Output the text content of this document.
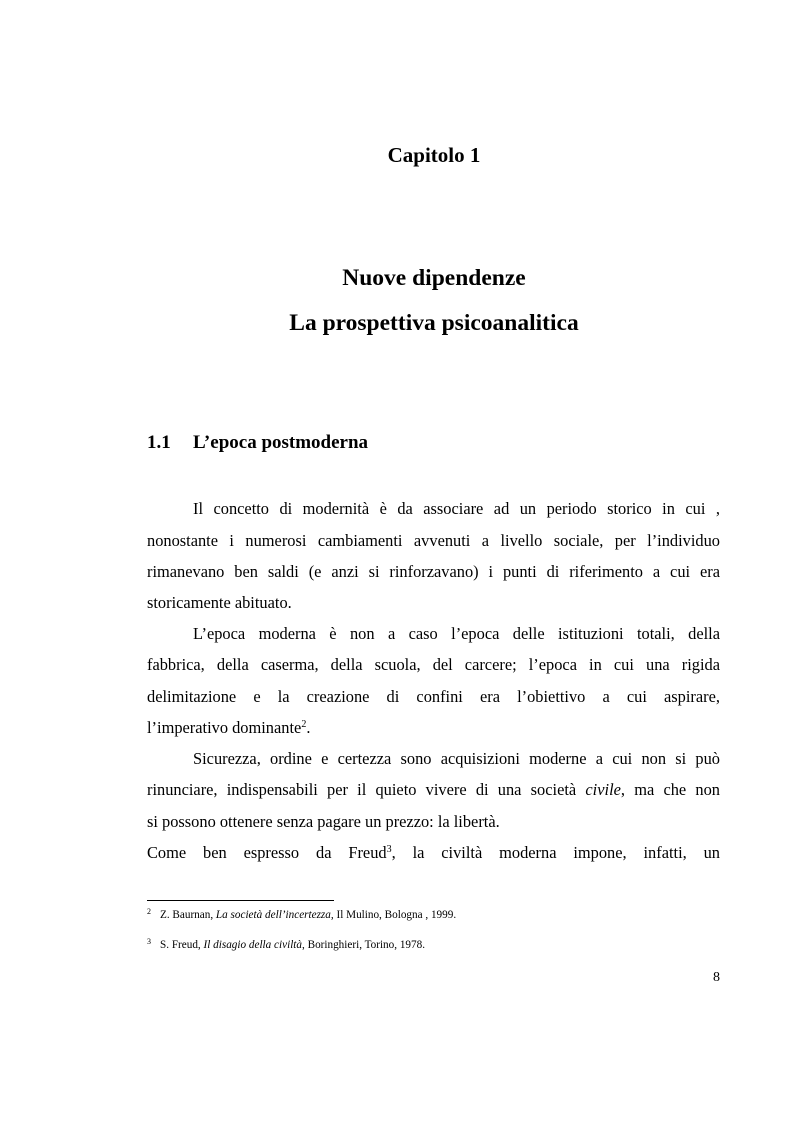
Capitolo 1
Nuove dipendenze
La prospettiva psicoanalitica
1.1 L’epoca postmoderna
Il concetto di modernità è da associare ad un periodo storico in cui ,
nonostante i numerosi cambiamenti avvenuti a livello sociale, per l’individuo
rimanevano ben saldi (e anzi si rinforzavano) i punti di riferimento a cui era
storicamente abituato.
L’epoca moderna è non a caso l’epoca delle istituzioni totali, della
fabbrica, della caserma, della scuola, del carcere; l’epoca in cui una rigida
delimitazione e la creazione di confini era l’obiettivo a cui aspirare,
l’imperativo dominante$^2$.
Sicurezza, ordine e certezza sono acquisizioni moderne a cui non si può
rinunciare, indispensabili per il quieto vivere di una società civile, ma che non
si possono ottenere senza pagare un prezzo: la libertà.
Come ben espresso da Freud$^3$, la civiltà moderna impone, infatti, un
$^2$ Z. Baurnan, La società dell’incertezza, Il Mulino, Bologna , 1999.
$^3$ S. Freud, Il disagio della civiltà, Boringhieri, Torino, 1978.
8
